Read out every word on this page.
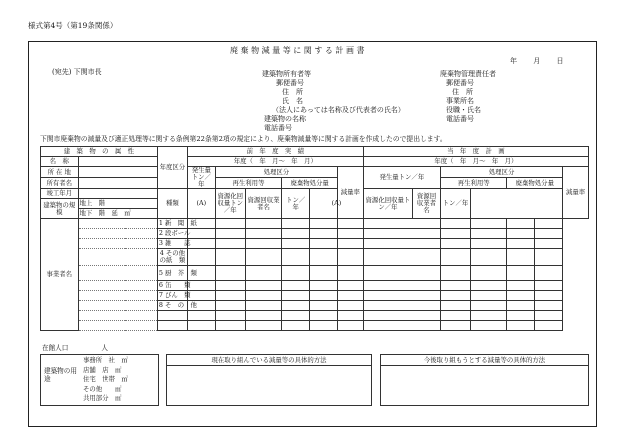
様式第4号（第19条関係）
廃 棄 物 減 量 等 に 関 す る 計 画 書
年 月 日
(宛先) 下関市長	建築物所有者等
郵便番号
住　所
氏　名
（法人にあっては名称及び代表者の氏名）
建築物の名称
電話番号
廃棄物管理責任者
郵便番号
住　所
事業所名
役職・氏名
電話番号
下関市廃棄物の減量及び適正処理等に関する条例第22条第2項の規定により、廃棄物減量等に関する計画を作成したので提出します。
建　築　物　の　属　性		年度区分	前　年　度　実　績						当　年　度　計　画						
名　称			年度（　年　月～　年　月）						年度（　年　月～　年　月）						
所 在 地			発生量トン／年	処理区分				減量率	発生量トン／年		処理区分				減量率
所有者名				再生利用等		廃棄物処分量					再生利用等		廃棄物処分量		
竣工年月		種類	(A)	資源化回収量トン／年	資源回収業者名	トン／年	(A)		資源化回収量トン／年	資源回収業者名	トン／年				
建築物の規　模	地上　階														
	地下　階　延　㎡														
事業者名		1 新　聞　紙													
		2 段ボール													
		3 雑　　誌													
		4 その他の紙　類													
		5 厨　芥　類													
		6 缶　　類													
		7 びん　類													
		8 そ　の　他													

在館人口　　　　　人
建築物の用　途
事務所　社　㎡
店舗　店　㎡
住宅　世帯　㎡
その他　　㎡
共用部分　㎡
現在取り組んでいる減量等の具体的方法	今後取り組もうとする減量等の具体的方法
